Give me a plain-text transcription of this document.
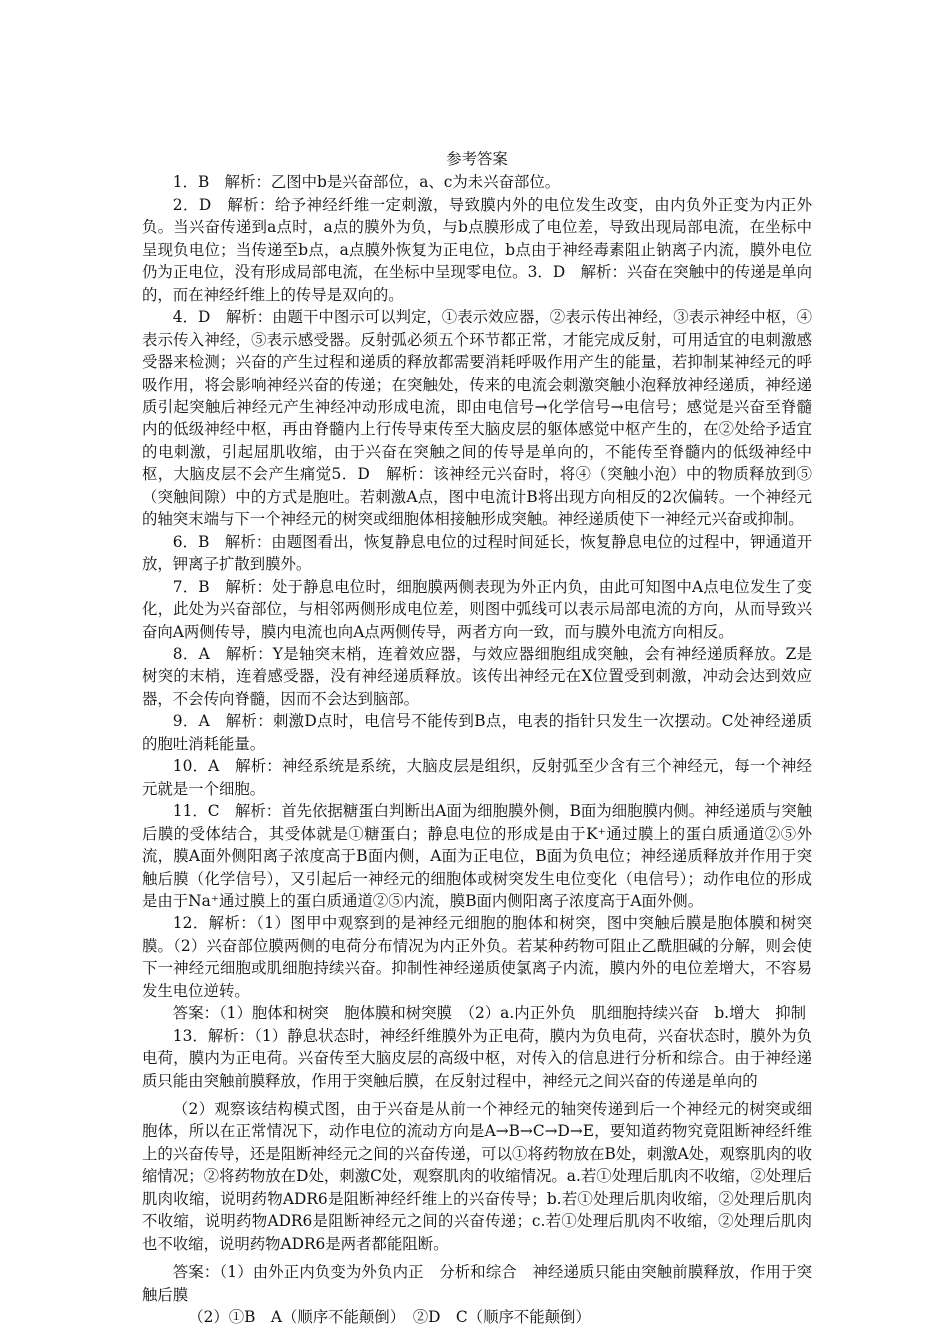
参考答案

1．B　解析：乙图中b是兴奋部位，a、c为未兴奋部位。

2．D　解析：给予神经纤维一定刺激，导致膜内外的电位发生改变，由内负外正变为内正外负。当兴奋传递到a点时，a点的膜外为负，与b点膜形成了电位差，导致出现局部电流，在坐标中呈现负电位；当传递至b点，a点膜外恢复为正电位，b点由于神经毒素阻止钠离子内流，膜外电位仍为正电位，没有形成局部电流，在坐标中呈现零电位。3．D　解析：兴奋在突触中的传递是单向的，而在神经纤维上的传导是双向的。

4．D　解析：由题干中图示可以判定，①表示效应器，②表示传出神经，③表示神经中枢，④表示传入神经，⑤表示感受器。反射弧必须五个环节都正常，才能完成反射，可用适宜的电刺激感受器来检测；兴奋的产生过程和递质的释放都需要消耗呼吸作用产生的能量，若抑制某神经元的呼吸作用，将会影响神经兴奋的传递；在突触处，传来的电流会刺激突触小泡释放神经递质，神经递质引起突触后神经元产生神经冲动形成电流，即由电信号→化学信号→电信号；感觉是兴奋至脊髓内的低级神经中枢，再由脊髓内上行传导束传至大脑皮层的躯体感觉中枢产生的，在②处给予适宜的电刺激，引起屈肌收缩，由于兴奋在突触之间的传导是单向的，不能传至脊髓内的低级神经中枢，大脑皮层不会产生痛觉5．D　解析：该神经元兴奋时，将④（突触小泡）中的物质释放到⑤（突触间隙）中的方式是胞吐。若刺激A点，图中电流计B将出现方向相反的2次偏转。一个神经元的轴突末端与下一个神经元的树突或细胞体相接触形成突触。神经递质使下一神经元兴奋或抑制。

6．B　解析：由题图看出，恢复静息电位的过程时间延长，恢复静息电位的过程中，钾通道开放，钾离子扩散到膜外。

7．B　解析：处于静息电位时，细胞膜两侧表现为外正内负，由此可知图中A点电位发生了变化，此处为兴奋部位，与相邻两侧形成电位差，则图中弧线可以表示局部电流的方向，从而导致兴奋向A两侧传导，膜内电流也向A点两侧传导，两者方向一致，而与膜外电流方向相反。

8．A　解析：Y是轴突末梢，连着效应器，与效应器细胞组成突触，会有神经递质释放。Z是树突的末梢，连着感受器，没有神经递质释放。该传出神经元在X位置受到刺激，冲动会达到效应器，不会传向脊髓，因而不会达到脑部。

9．A　解析：刺激D点时，电信号不能传到B点，电表的指针只发生一次摆动。C处神经递质的胞吐消耗能量。

10．A　解析：神经系统是系统，大脑皮层是组织，反射弧至少含有三个神经元，每一个神经元就是一个细胞。

11．C　解析：首先依据糖蛋白判断出A面为细胞膜外侧，B面为细胞膜内侧。神经递质与突触后膜的受体结合，其受体就是①糖蛋白；静息电位的形成是由于K⁺通过膜上的蛋白质通道②⑤外流，膜A面外侧阳离子浓度高于B面内侧，A面为正电位，B面为负电位；神经递质释放并作用于突触后膜（化学信号），又引起后一神经元的细胞体或树突发生电位变化（电信号）；动作电位的形成是由于Na⁺通过膜上的蛋白质通道②⑤内流，膜B面内侧阳离子浓度高于A面外侧。

12．解析：（1）图甲中观察到的是神经元细胞的胞体和树突，图中突触后膜是胞体膜和树突膜。（2）兴奋部位膜两侧的电荷分布情况为内正外负。若某种药物可阻止乙酰胆碱的分解，则会使下一神经元细胞或肌细胞持续兴奋。抑制性神经递质使氯离子内流，膜内外的电位差增大，不容易发生电位逆转。

答案：（1）胞体和树突　胞体膜和树突膜　（2）a.内正外负　肌细胞持续兴奋　b.增大　抑制

13．解析：（1）静息状态时，神经纤维膜外为正电荷，膜内为负电荷，兴奋状态时，膜外为负电荷，膜内为正电荷。兴奋传至大脑皮层的高级中枢，对传入的信息进行分析和综合。由于神经递质只能由突触前膜释放，作用于突触后膜，在反射过程中，神经元之间兴奋的传递是单向的

（2）观察该结构模式图，由于兴奋是从前一个神经元的轴突传递到后一个神经元的树突或细胞体，所以在正常情况下，动作电位的流动方向是A→B→C→D→E，要知道药物究竟阻断神经纤维上的兴奋传导，还是阻断神经元之间的兴奋传递，可以①将药物放在B处，刺激A处，观察肌肉的收缩情况；②将药物放在D处，刺激C处，观察肌肉的收缩情况。a.若①处理后肌肉不收缩，②处理后肌肉收缩，说明药物ADR6是阻断神经纤维上的兴奋传导；b.若①处理后肌肉收缩，②处理后肌肉不收缩，说明药物ADR6是阻断神经元之间的兴奋传递；c.若①处理后肌肉不收缩，②处理后肌肉也不收缩，说明药物ADR6是两者都能阻断。

答案：（1）由外正内负变为外负内正　分析和综合　神经递质只能由突触前膜释放，作用于突触后膜

（2）①B　A（顺序不能颠倒）　②D　C（顺序不能颠倒）
